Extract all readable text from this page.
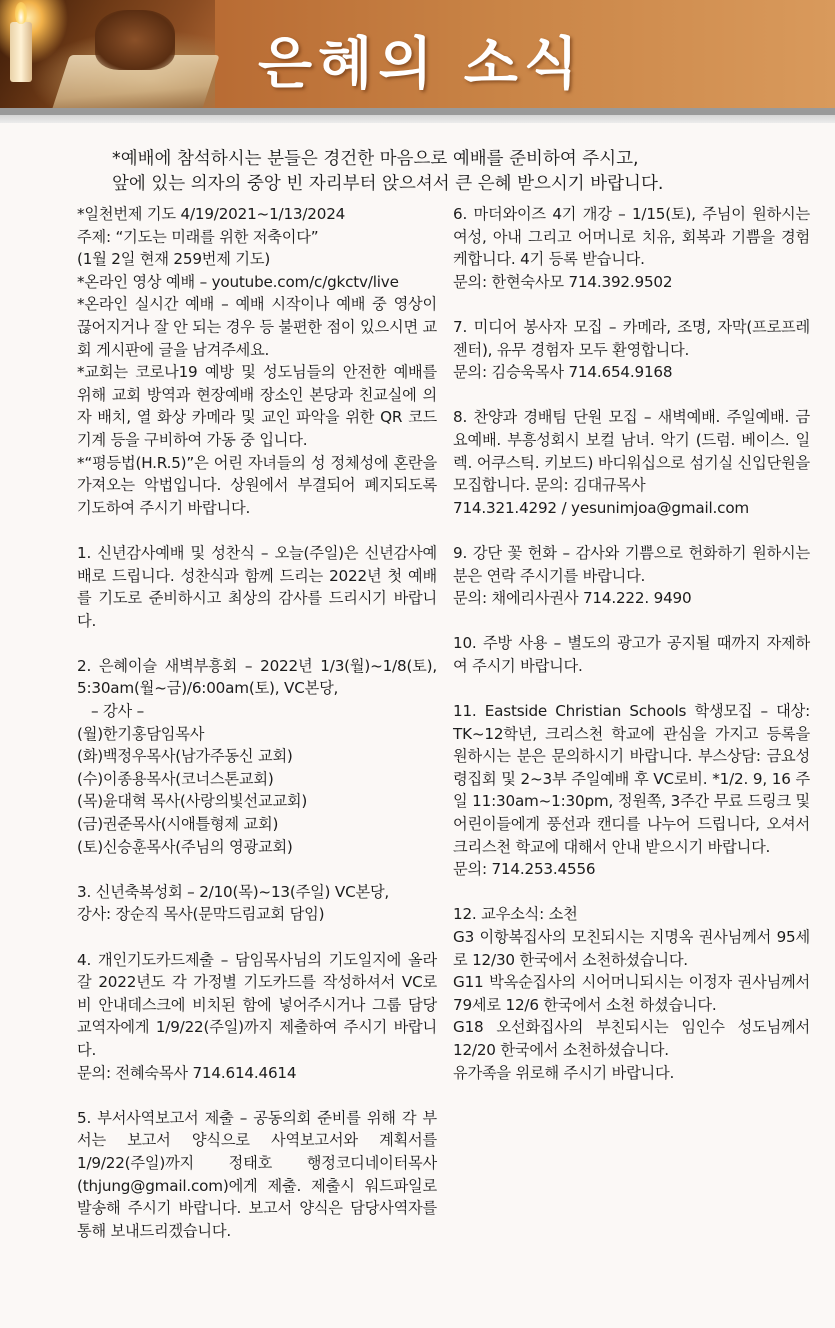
은혜의 소식

*예배에 참석하시는 분들은 경건한 마음으로 예배를 준비하여 주시고,

앞에 있는 의자의 중앙 빈 자리부터 앉으셔서 큰 은혜 받으시기 바랍니다.

*일천번제 기도 4/19/2021~1/13/2024

주제: “기도는 미래를 위한 저축이다”

(1월 2일 현재 259번제 기도)

*온라인 영상 예배 – youtube.com/c/gkctv/live

*온라인 실시간 예배 – 예배 시작이나 예배 중 영상이 끊어지거나 잘 안 되는 경우 등 불편한 점이 있으시면 교회 게시판에 글을 남겨주세요.

*교회는 코로나19 예방 및 성도님들의 안전한 예배를 위해 교회 방역과 현장예배 장소인 본당과 친교실에 의자 배치, 열 화상 카메라 및 교인 파악을 위한 QR 코드 기계 등을 구비하여 가동 중 입니다.

*“평등법(H.R.5)”은 어린 자녀들의 성 정체성에 혼란을 가져오는 악법입니다. 상원에서 부결되어 폐지되도록 기도하여 주시기 바랍니다.

1. 신년감사예배 및 성찬식 – 오늘(주일)은 신년감사예배로 드립니다. 성찬식과 함께 드리는 2022년 첫 예배를 기도로 준비하시고 최상의 감사를 드리시기 바랍니다.

2. 은혜이슬 새벽부흥회 – 2022년 1/3(월)~1/8(토), 5:30am(월~금)/6:00am(토), VC본당,

– 강사 –

(월)한기홍담임목사

(화)백정우목사(남가주동신 교회)

(수)이종용목사(코너스톤교회)

(목)윤대혁 목사(사랑의빛선교교회)

(금)권준목사(시애틀형제 교회)

(토)신승훈목사(주님의 영광교회)

3. 신년축복성회 – 2/10(목)~13(주일) VC본당,

강사: 장순직 목사(문막드림교회 담임)

4. 개인기도카드제출 – 담임목사님의 기도일지에 올라갈 2022년도 각 가정별 기도카드를 작성하셔서 VC로비 안내데스크에 비치된 함에 넣어주시거나 그룹 담당교역자에게 1/9/22(주일)까지 제출하여 주시기 바랍니다.

문의: 전혜숙목사 714.614.4614

5. 부서사역보고서 제출 – 공동의회 준비를 위해 각 부서는 보고서 양식으로 사역보고서와 계획서를 1/9/22(주일)까지 정태호 행정코디네이터목사(thjung@gmail.com)에게 제출. 제출시 워드파일로 발송해 주시기 바랍니다. 보고서 양식은 담당사역자를 통해 보내드리겠습니다.

6. 마더와이즈 4기 개강 – 1/15(토), 주님이 원하시는 여성, 아내 그리고 어머니로 치유, 회복과 기쁨을 경험케합니다. 4기 등록 받습니다.

문의: 한현숙사모 714.392.9502

7. 미디어 봉사자 모집 – 카메라, 조명, 자막(프로프레젠터), 유무 경험자 모두 환영합니다.

문의: 김승욱목사 714.654.9168

8. 찬양과 경배팀 단원 모집 – 새벽예배. 주일예배. 금요예배. 부흥성회시 보컬 남녀. 악기 (드럼. 베이스. 일렉. 어쿠스틱. 키보드) 바디워십으로 섬기실 신입단원을 모집합니다. 문의: 김대규목사

714.321.4292 / yesunimjoa@gmail.com

9. 강단 꽃 헌화 – 감사와 기쁨으로 헌화하기 원하시는 분은 연락 주시기를 바랍니다.

문의: 채에리사권사 714.222. 9490

10. 주방 사용 – 별도의 광고가 공지될 때까지 자제하여 주시기 바랍니다.

11. Eastside Christian Schools 학생모집 – 대상: TK~12학년, 크리스천 학교에 관심을 가지고 등록을 원하시는 분은 문의하시기 바랍니다. 부스상담: 금요성령집회 및 2~3부 주일예배 후 VC로비. *1/2. 9, 16 주일 11:30am~1:30pm, 정원쪽, 3주간 무료 드링크 및 어린이들에게 풍선과 캔디를 나누어 드립니다, 오셔서 크리스천 학교에 대해서 안내 받으시기 바랍니다.

문의: 714.253.4556

12. 교우소식: 소천

G3 이항복집사의 모친되시는 지명옥 권사님께서 95세로 12/30 한국에서 소천하셨습니다.

G11 박옥순집사의 시어머니되시는 이정자 권사님께서 79세로 12/6 한국에서 소천 하셨습니다.

G18 오선화집사의 부친되시는 임인수 성도님께서 12/20 한국에서 소천하셨습니다.

유가족을 위로해 주시기 바랍니다.
